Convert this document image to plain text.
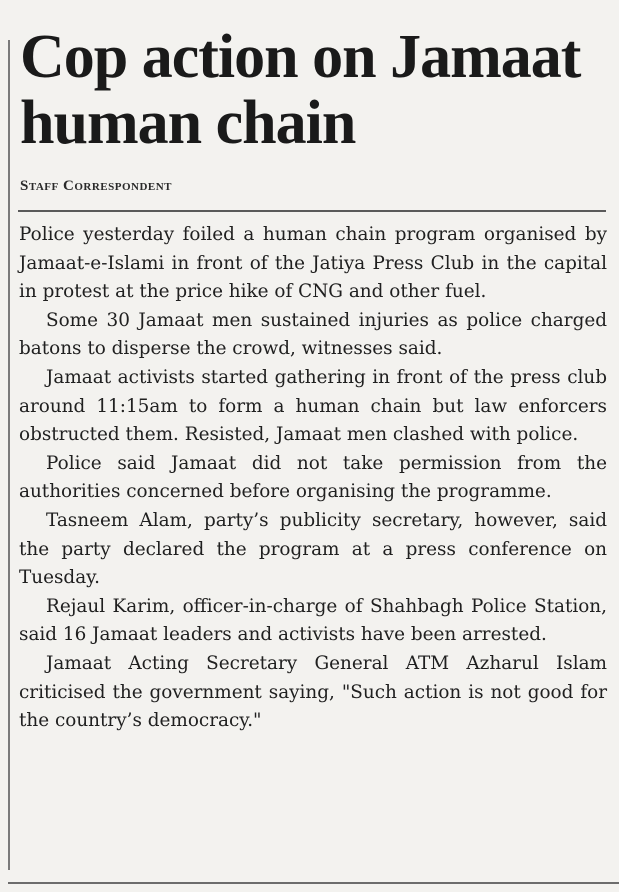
Cop action on Jamaat human chain
Staff Correspondent

Police yesterday foiled a human chain program organised by Jamaat-e-Islami in front of the Jatiya Press Club in the capital in protest at the price hike of CNG and other fuel.

Some 30 Jamaat men sustained injuries as police charged batons to disperse the crowd, witnesses said.

Jamaat activists started gathering in front of the press club around 11:15am to form a human chain but law enforcers obstructed them. Resisted, Jamaat men clashed with police.

Police said Jamaat did not take permission from the authorities concerned before organising the programme.

Tasneem Alam, party’s publicity secretary, however, said the party declared the program at a press conference on Tuesday.

Rejaul Karim, officer-in-charge of Shahbagh Police Station, said 16 Jamaat leaders and activists have been arrested.

Jamaat Acting Secretary General ATM Azharul Islam criticised the government saying, "Such action is not good for the country’s democracy."
